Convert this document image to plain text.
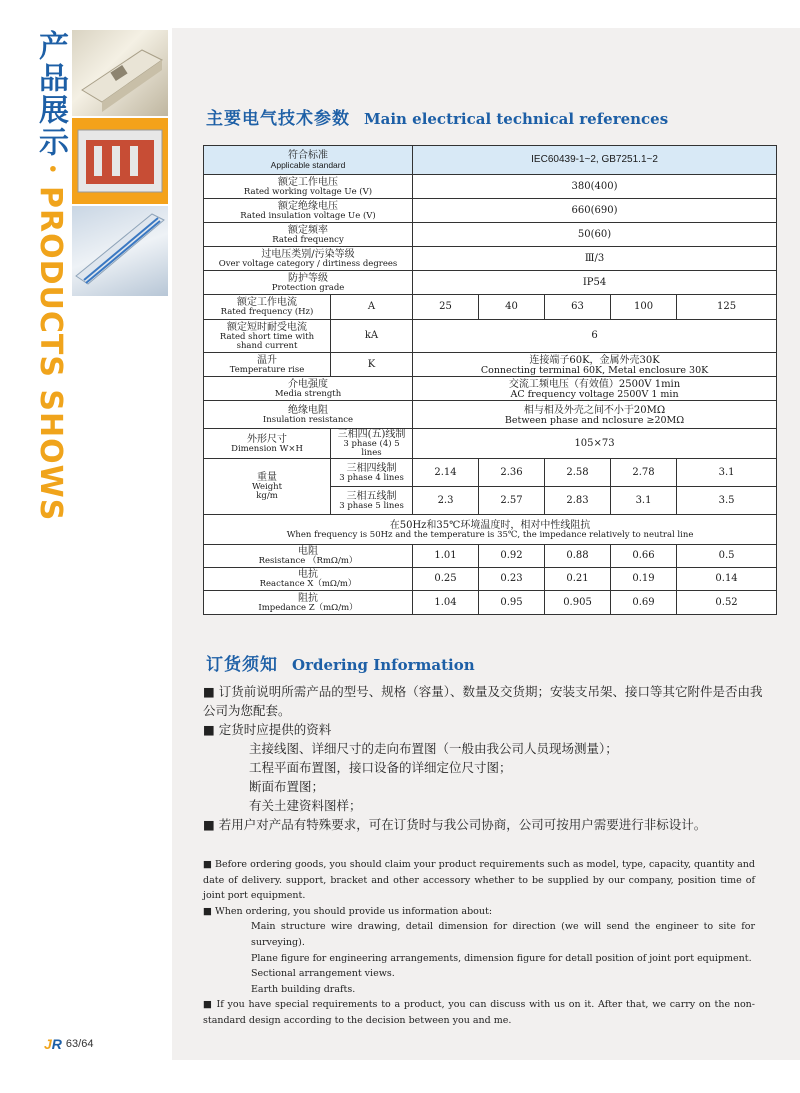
产品展示
·
PRODUCTS SHOWS
主要电气技术参数 Main electrical technical references
符合标准
Applicable standard		IEC60439-1~2, GB7251.1~2				

额定工作电压
Rated working voltage Ue (V)		380(400)				

额定绝缘电压
Rated insulation voltage Ue (V)		660(690)				

额定频率
Rated frequency		50(60)				

过电压类别/污染等级
Over voltage category / dirtiness degrees		Ⅲ/3				

防护等级
Protection grade		IP54				

额定工作电流
Rated frequency (Hz)	A	25	40	63	100	125

额定短时耐受电流
Rated short time with shand current	kA	6				

温升
Temperature rise	K	连接端子60K，金属外壳30K
Connecting terminal 60K, Metal enclosure 30K				

介电强度
Media strength		交流工频电压（有效值）2500V 1min
AC frequency voltage 2500V 1 min				

绝缘电阻
Insulation resistance		相与相及外壳之间不小于20MΩ
Between phase and nclosure ≥20MΩ				

外形尺寸
Dimension W×H	三相四(五)线制
3 phase (4) 5 lines	105×73				

重量
Weight
kg/m	三相四线制
3 phase 4 lines	2.14	2.36	2.58	2.78	3.1

	三相五线制
3 phase 5 lines	2.3	2.57	2.83	3.1	3.5

在50Hz和35℃环境温度时，相对中性线阻抗
When frequency is 50Hz and the temperature is 35℃, the impedance relatively to neutral line						

电阻
Resistance （RmΩ/m）		1.01	0.92	0.88	0.66	0.5

电抗
Reactance X（mΩ/m）		0.25	0.23	0.21	0.19	0.14

阻抗
Impedance Z（mΩ/m）		1.04	0.95	0.905	0.69	0.52
订货须知 Ordering Information

■ 订货前说明所需产品的型号、规格（容量）、数量及交货期；安装支吊架、接口等其它附件是否由我公司为您配套。

■ 定货时应提供的资料

主接线图、详细尺寸的走向布置图（一般由我公司人员现场测量）；

工程平面布置图，接口设备的详细定位尺寸图；

断面布置图；

有关土建资料图样；

■ 若用户对产品有特殊要求，可在订货时与我公司协商，公司可按用户需要进行非标设计。

■ Before ordering goods, you should claim your product requirements such as model, type, capacity, quantity and date of delivery. support, bracket and other accessory whether to be supplied by our company, position time of joint port equipment.

■ When ordering, you should provide us information about:

Main structure wire drawing, detail dimension for direction (we will send the engineer to site for surveying).

Plane figure for engineering arrangements, dimension figure for detall position of joint port equipment.

Sectional arrangement views.

Earth building drafts.

■ If you have special requirements to a product, you can discuss with us on it. After that, we carry on the non-standard design according to the decision between you and me.

JR 63/64
